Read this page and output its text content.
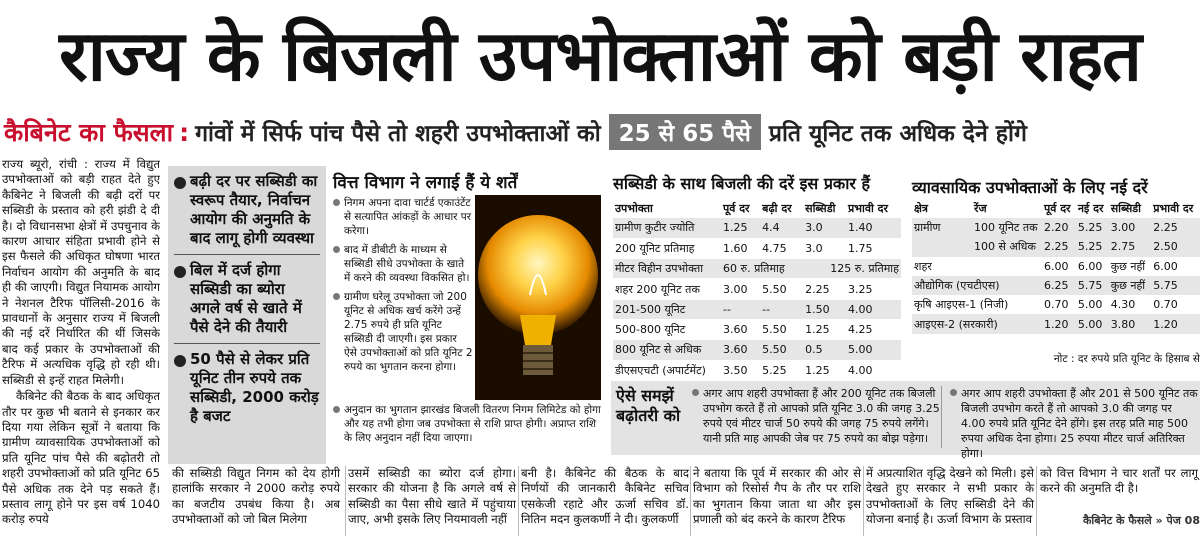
राज्य के बिजली उपभोक्ताओं को बड़ी राहत
कैबिनेट का फैसला : गांवों में सिर्फ पांच पैसे तो शहरी उपभोक्ताओं को 25 से 65 पैसे प्रति यूनिट तक अधिक देने होंगे

राज्य ब्यूरो, रांची : राज्य में विद्युत उपभोक्ताओं को बड़ी राहत देते हुए कैबिनेट ने बिजली की बढ़ी दरों पर सब्सिडी के प्रस्ताव को हरी झंडी दे दी है। दो विधानसभा क्षेत्रों में उपचुनाव के कारण आचार संहिता प्रभावी होने से इस फैसले की अधिकृत घोषणा भारत निर्वाचन आयोग की अनुमति के बाद ही की जाएगी। विद्युत नियामक आयोग ने नेशनल टैरिफ पॉलिसी-2016 के प्रावधानों के अनुसार राज्य में बिजली की नई दरें निर्धारित की थीं जिसके बाद कई प्रकार के उपभोक्ताओं की टैरिफ में अत्यधिक वृद्धि हो रही थी। सब्सिडी से इन्हें राहत मिलेगी।

कैबिनेट की बैठक के बाद अधिकृत तौर पर कुछ भी बताने से इनकार कर दिया गया लेकिन सूत्रों ने बताया कि ग्रामीण व्यावसायिक उपभोक्ताओं को प्रति यूनिट पांच पैसे की बढ़ोतरी तो शहरी उपभोक्ताओं को प्रति यूनिट 65 पैसे अधिक तक देने पड़ सकते हैं। प्रस्ताव लागू होने पर इस वर्ष 1040 करोड़ रुपये

बढ़ी दर पर सब्सिडी का स्वरूप तैयार, निर्वाचन आयोग की अनुमति के बाद लागू होगी व्यवस्था
बिल में दर्ज होगा सब्सिडी का ब्योरा अगले वर्ष से खाते में पैसे देने की तैयारी
50 पैसे से लेकर प्रति यूनिट तीन रुपये तक सब्सिडी, 2000 करोड़ है बजट
वित्त विभाग ने लगाई हैं ये शर्तें
निगम अपना दावा चार्टर्ड एकाउंटेंट से सत्यापित आंकड़ों के आधार पर करेगा।
बाद में डीबीटी के माध्यम से सब्सिडी सीधे उपभोक्ता के खाते में करने की व्यवस्था विकसित हो।
ग्रामीण घरेलू उपभोक्ता जो 200 यूनिट से अधिक खर्च करेंगे उन्हें 2.75 रुपये ही प्रति यूनिट सब्सिडी दी जाएगी। इस प्रकार ऐसे उपभोक्ताओं को प्रति यूनिट 2 रुपये का भुगतान करना होगा।
अनुदान का भुगतान झारखंड बिजली वितरण निगम लिमिटेड को होगा और यह तभी होगा जब उपभोक्ता से राशि प्राप्त होगी। अप्राप्त राशि के लिए अनुदान नहीं दिया जाएगा।
सब्सिडी के साथ बिजली की दरें इस प्रकार हैं
उपभोक्ता	पूर्व दर	बढ़ी दर	सब्सिडी	प्रभावी दर
ग्रामीण कुटीर ज्योति	1.25	4.4	3.0	1.40
200 यूनिट प्रतिमाह	1.60	4.75	3.0	1.75
मीटर विहीन उपभोक्ता	60 रु. प्रतिमाह		125 रु. प्रतिमाह	
शहर 200 यूनिट तक	3.00	5.50	2.25	3.25
201-500 यूनिट	--	--	1.50	4.00
500-800 यूनिट	3.60	5.50	1.25	4.25
800 यूनिट से अधिक	3.60	5.50	0.5	5.00
डीएसएचटी (अपार्टमेंट)	3.50	5.25	1.25	4.00
व्यावसायिक उपभोक्ताओं के लिए नई दरें
क्षेत्र	रेंज	पूर्व दर	नई दर	सब्सिडी	प्रभावी दर
ग्रामीण	100 यूनिट तक	2.20	5.25	3.00	2.25
	100 से अधिक	2.25	5.25	2.75	2.50
शहर		6.00	6.00	कुछ नहीं	6.00
औद्योगिक (एचटीएस)		6.25	5.75	कुछ नहीं	5.75
कृषि आइएस-1 (निजी)		0.70	5.00	4.30	0.70
आइएस-2 (सरकारी)		1.20	5.00	3.80	1.20
नोट : दर रुपये प्रति यूनिट के हिसाब से
ऐसे समझें बढ़ोतरी को
अगर आप शहरी उपभोक्ता हैं और 200 यूनिट तक बिजली उपभोग करते हैं तो आपको प्रति यूनिट 3.0 की जगह 3.25 रुपये एवं मीटर चार्ज 50 रुपये की जगह 75 रुपये लगेंगे। यानी प्रति माह आपकी जेब पर 75 रुपये का बोझ पड़ेगा।
अगर आप शहरी उपभोक्ता हैं और 201 से 500 यूनिट तक बिजली उपभोग करते हैं तो आपको 3.0 की जगह पर 4.00 रुपये प्रति यूनिट देने होंगे। इस तरह प्रति माह 500 रुपया अधिक देना होगा। 25 रुपया मीटर चार्ज अतिरिक्त होगा।
की सब्सिडी विद्युत निगम को देय होगी हालांकि सरकार ने 2000 करोड़ रुपये का बजटीय उपबंध किया है। अब उपभोक्ताओं को जो बिल मिलेगा
उसमें सब्सिडी का ब्योरा दर्ज होगा। सरकार की योजना है कि अगले वर्ष से सब्सिडी का पैसा सीधे खाते में पहुंचाया जाए, अभी इसके लिए नियमावली नहीं
बनी है। कैबिनेट की बैठक के बाद निर्णयों की जानकारी कैबिनेट सचिव एसकेजी रहाटे और ऊर्जा सचिव डॉ. नितिन मदन कुलकर्णी ने दी। कुलकर्णी
ने बताया कि पूर्व में सरकार की ओर से विभाग को रिसोर्स गैप के तौर पर राशि का भुगतान किया जाता था और इस प्रणाली को बंद करने के कारण टैरिफ
में अप्रत्याशित वृद्धि देखने को मिली। इसे देखते हुए सरकार ने सभी प्रकार के उपभोक्ताओं के लिए सब्सिडी देने की योजना बनाई है। ऊर्जा विभाग के प्रस्ताव
को वित्त विभाग ने चार शर्तों पर लागू करने की अनुमति दी है।
कैबिनेट के फैसले » पेज 08
